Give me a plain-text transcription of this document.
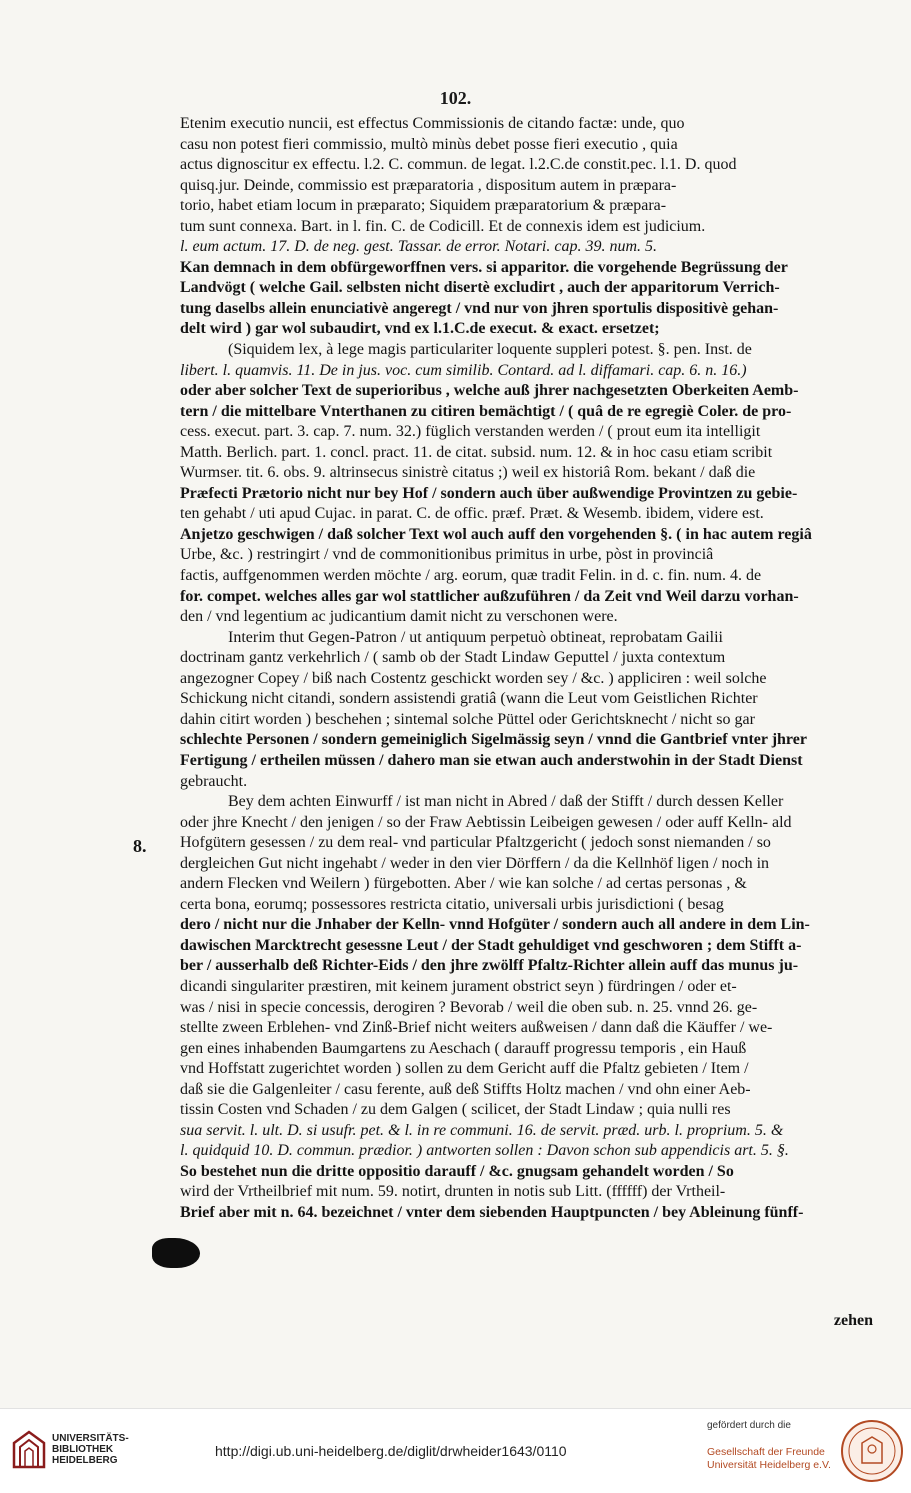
102.
8.
Etenim executio nuncii, est effectus Commissionis de citando factæ: unde, quo
casu non potest fieri commissio, multò minùs debet posse fieri executio , quia
actus dignoscitur ex effectu. l.2. C. commun. de legat. l.2.C.de constit.pec. l.1. D. quod
quisq.jur. Deinde, commissio est præparatoria , dispositum autem in præpara-
torio, habet etiam locum in præparato; Siquidem præparatorium & præpara-
tum sunt connexa. Bart. in l. fin. C. de Codicill. Et de connexis idem est judicium.
l. eum actum. 17. D. de neg. gest. Tassar. de error. Notari. cap. 39. num. 5.
Kan demnach in dem obfürgeworffnen vers. si apparitor. die vorgehende Begrüssung der
Landvögt ( welche Gail. selbsten nicht disertè excludirt , auch der apparitorum Verrich-
tung daselbs allein enunciativè angeregt / vnd nur von jhren sportulis dispositivè gehan-
delt wird ) gar wol subaudirt, vnd ex l.1.C.de execut. & exact. ersetzet;
(Siquidem lex, à lege magis particulariter loquente suppleri potest. §. pen. Inst. de
libert. l. quamvis. 11. De in jus. voc. cum similib. Contard. ad l. diffamari. cap. 6. n. 16.)
oder aber solcher Text de superioribus , welche auß jhrer nachgesetzten Oberkeiten Aemb-
tern / die mittelbare Vnterthanen zu citiren bemächtigt / ( quâ de re egregiè Coler. de pro-
cess. execut. part. 3. cap. 7. num. 32.) füglich verstanden werden / ( prout eum ita intelligit
Matth. Berlich. part. 1. concl. pract. 11. de citat. subsid. num. 12. & in hoc casu etiam scribit
Wurmser. tit. 6. obs. 9. altrinsecus sinistrè citatus ;) weil ex historiâ Rom. bekant / daß die
Præfecti Prætorio nicht nur bey Hof / sondern auch über außwendige Provintzen zu gebie-
ten gehabt / uti apud Cujac. in parat. C. de offic. præf. Præt. & Wesemb. ibidem, videre est.
Anjetzo geschwigen / daß solcher Text wol auch auff den vorgehenden §. ( in hac autem regiâ
Urbe, &c. ) restringirt / vnd de commonitionibus primitus in urbe, pòst in provinciâ
factis, auffgenommen werden möchte / arg. eorum, quæ tradit Felin. in d. c. fin. num. 4. de
for. compet. welches alles gar wol stattlicher außzuführen / da Zeit vnd Weil darzu vorhan-
den / vnd legentium ac judicantium damit nicht zu verschonen were.
Interim thut Gegen-Patron / ut antiquum perpetuò obtineat, reprobatam Gailii
doctrinam gantz verkehrlich / ( samb ob der Stadt Lindaw Geputtel / juxta contextum
angezogner Copey / biß nach Costentz geschickt worden sey / &c. ) appliciren : weil solche
Schickung nicht citandi, sondern assistendi gratiâ (wann die Leut vom Geistlichen Richter
dahin citirt worden ) beschehen ; sintemal solche Püttel oder Gerichtsknecht / nicht so gar
schlechte Personen / sondern gemeiniglich Sigelmässig seyn / vnnd die Gantbrief vnter jhrer
Fertigung / ertheilen müssen / dahero man sie etwan auch anderstwohin in der Stadt Dienst
gebraucht.
Bey dem achten Einwurff / ist man nicht in Abred / daß der Stifft / durch dessen Keller
oder jhre Knecht / den jenigen / so der Fraw Aebtissin Leibeigen gewesen / oder auff Kelln- ald
Hofgütern gesessen / zu dem real- vnd particular Pfaltzgericht ( jedoch sonst niemanden / so
dergleichen Gut nicht ingehabt / weder in den vier Dörffern / da die Kellnhöf ligen / noch in
andern Flecken vnd Weilern ) fürgebotten. Aber / wie kan solche / ad certas personas , &
certa bona, eorumq; possessores restricta citatio, universali urbis jurisdictioni ( besag
dero / nicht nur die Jnhaber der Kelln- vnnd Hofgüter / sondern auch all andere in dem Lin-
dawischen Marcktrecht gesessne Leut / der Stadt gehuldiget vnd geschworen ; dem Stifft a-
ber / ausserhalb deß Richter-Eids / den jhre zwölff Pfaltz-Richter allein auff das munus ju-
dicandi singulariter præstiren, mit keinem jurament obstrict seyn ) fürdringen / oder et-
was / nisi in specie concessis, derogiren ? Bevorab / weil die oben sub. n. 25. vnnd 26. ge-
stellte zween Erblehen- vnd Zinß-Brief nicht weiters außweisen / dann daß die Käuffer / we-
gen eines inhabenden Baumgartens zu Aeschach ( darauff progressu temporis , ein Hauß
vnd Hoffstatt zugerichtet worden ) sollen zu dem Gericht auff die Pfaltz gebieten / Item /
daß sie die Galgenleiter / casu ferente, auß deß Stiffts Holtz machen / vnd ohn einer Aeb-
tissin Costen vnd Schaden / zu dem Galgen ( scilicet, der Stadt Lindaw ; quia nulli res
sua servit. l. ult. D. si usufr. pet. & l. in re communi. 16. de servit. præd. urb. l. proprium. 5. &
l. quidquid 10. D. commun. prædior. ) antworten sollen : Davon schon sub appendicis art. 5. §.
So bestehet nun die dritte oppositio darauff / &c. gnugsam gehandelt worden / So
wird der Vrtheilbrief mit num. 59. notirt, drunten in notis sub Litt. (ffffff) der Vrtheil-
Brief aber mit n. 64. bezeichnet / vnter dem siebenden Hauptpuncten / bey Ableinung fünff-
zehen
UNIVERSITÄTS-
BIBLIOTHEK
HEIDELBERG
http://digi.ub.uni-heidelberg.de/diglit/drwheider1643/0110
gefördert durch die
Gesellschaft der Freunde
Universität Heidelberg e.V.
